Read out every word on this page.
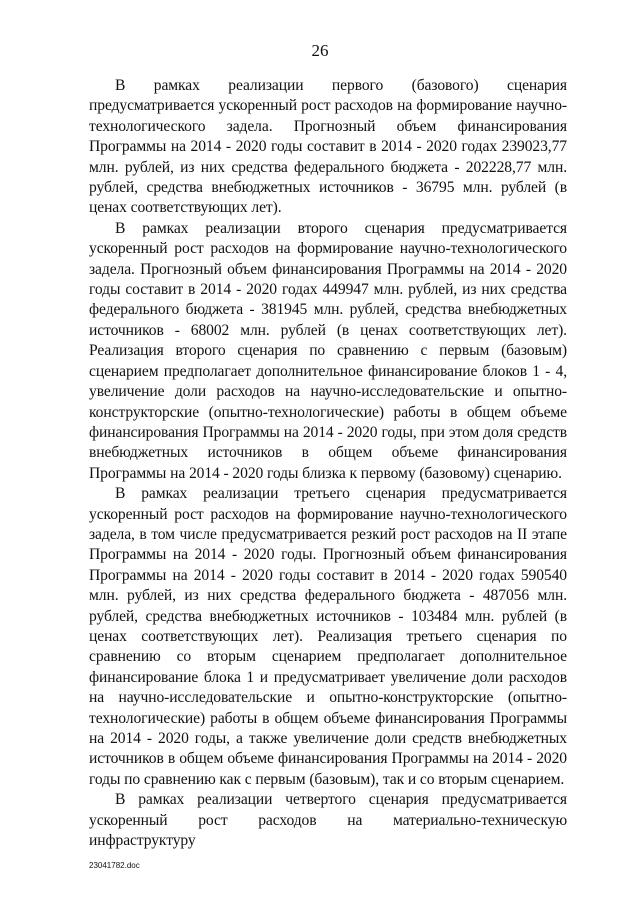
26

В рамках реализации первого (базового) сценария предусматривается ускоренный рост расходов на формирование научно-технологического задела. Прогнозный объем финансирования Программы на 2014 - 2020 годы составит в 2014 - 2020 годах 239023,77 млн. рублей, из них средства федерального бюджета - 202228,77 млн. рублей, средства внебюджетных источников - 36795 млн. рублей (в ценах соответствующих лет).

В рамках реализации второго сценария предусматривается ускоренный рост расходов на формирование научно-технологического задела. Прогнозный объем финансирования Программы на 2014 - 2020 годы составит в 2014 - 2020 годах 449947 млн. рублей, из них средства федерального бюджета - 381945 млн. рублей, средства внебюджетных источников - 68002 млн. рублей (в ценах соответствующих лет). Реализация второго сценария по сравнению с первым (базовым) сценарием предполагает дополнительное финансирование блоков 1 - 4, увеличение доли расходов на научно-исследовательские и опытно-конструкторские (опытно-технологические) работы в общем объеме финансирования Программы на 2014 - 2020 годы, при этом доля средств внебюджетных источников в общем объеме финансирования Программы на 2014 - 2020 годы близка к первому (базовому) сценарию.

В рамках реализации третьего сценария предусматривается ускоренный рост расходов на формирование научно-технологического задела, в том числе предусматривается резкий рост расходов на II этапе Программы на 2014 - 2020 годы. Прогнозный объем финансирования Программы на 2014 - 2020 годы составит в 2014 - 2020 годах 590540 млн. рублей, из них средства федерального бюджета - 487056 млн. рублей, средства внебюджетных источников - 103484 млн. рублей (в ценах соответствующих лет). Реализация третьего сценария по сравнению со вторым сценарием предполагает дополнительное финансирование блока 1 и предусматривает увеличение доли расходов на научно-исследовательские и опытно-конструкторские (опытно-технологические) работы в общем объеме финансирования Программы на 2014 - 2020 годы, а также увеличение доли средств внебюджетных источников в общем объеме финансирования Программы на 2014 - 2020 годы по сравнению как с первым (базовым), так и со вторым сценарием.

В рамках реализации четвертого сценария предусматривается ускоренный рост расходов на материально-техническую инфраструктуру

23041782.doc
